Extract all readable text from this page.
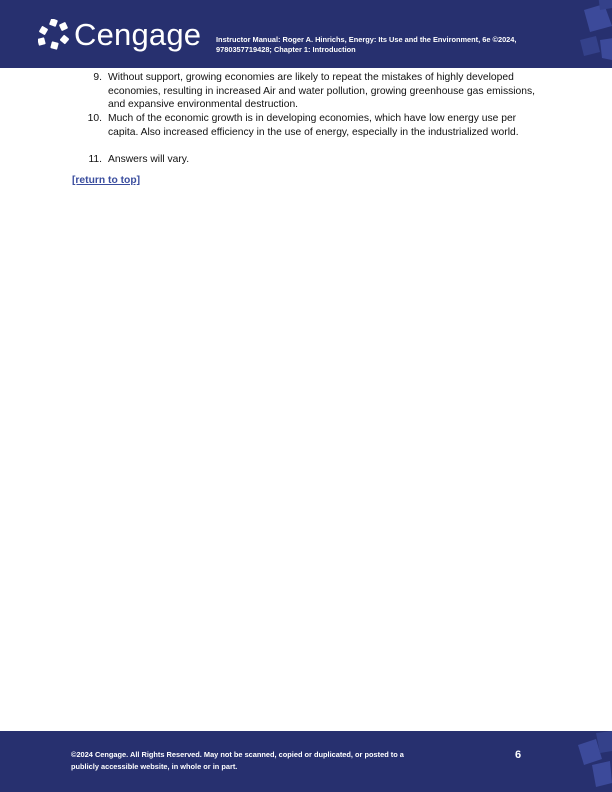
Cengage Instructor Manual: Roger A. Hinrichs, Energy: Its Use and the Environment, 6e ©2024, 9780357719428; Chapter 1: Introduction
9. Without support, growing economies are likely to repeat the mistakes of highly developed economies, resulting in increased Air and water pollution, growing greenhouse gas emissions, and expansive environmental destruction.
10. Much of the economic growth is in developing economies, which have low energy use per capita. Also increased efficiency in the use of energy, especially in the industrialized world.
11. Answers will vary.
[return to top]
©2024 Cengage. All Rights Reserved. May not be scanned, copied or duplicated, or posted to a publicly accessible website, in whole or in part.
6
